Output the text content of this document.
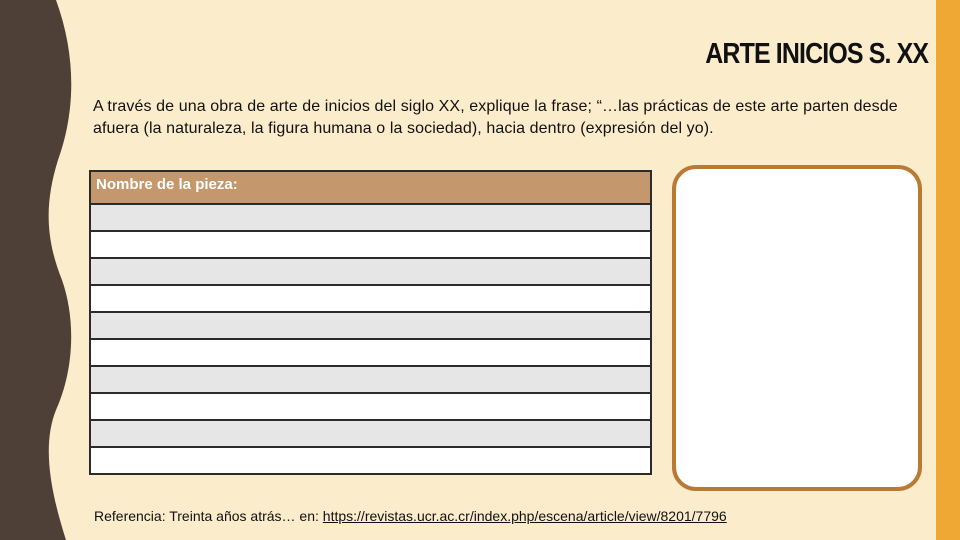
ARTE INICIOS S. XX
A través de una obra de arte de inicios del siglo XX, explique la frase; “…las prácticas de este arte parten desde afuera (la naturaleza, la figura humana o la sociedad), hacia dentro (expresión del yo).
Nombre de la pieza:

Referencia: Treinta años atrás… en: https://revistas.ucr.ac.cr/index.php/escena/article/view/8201/7796
